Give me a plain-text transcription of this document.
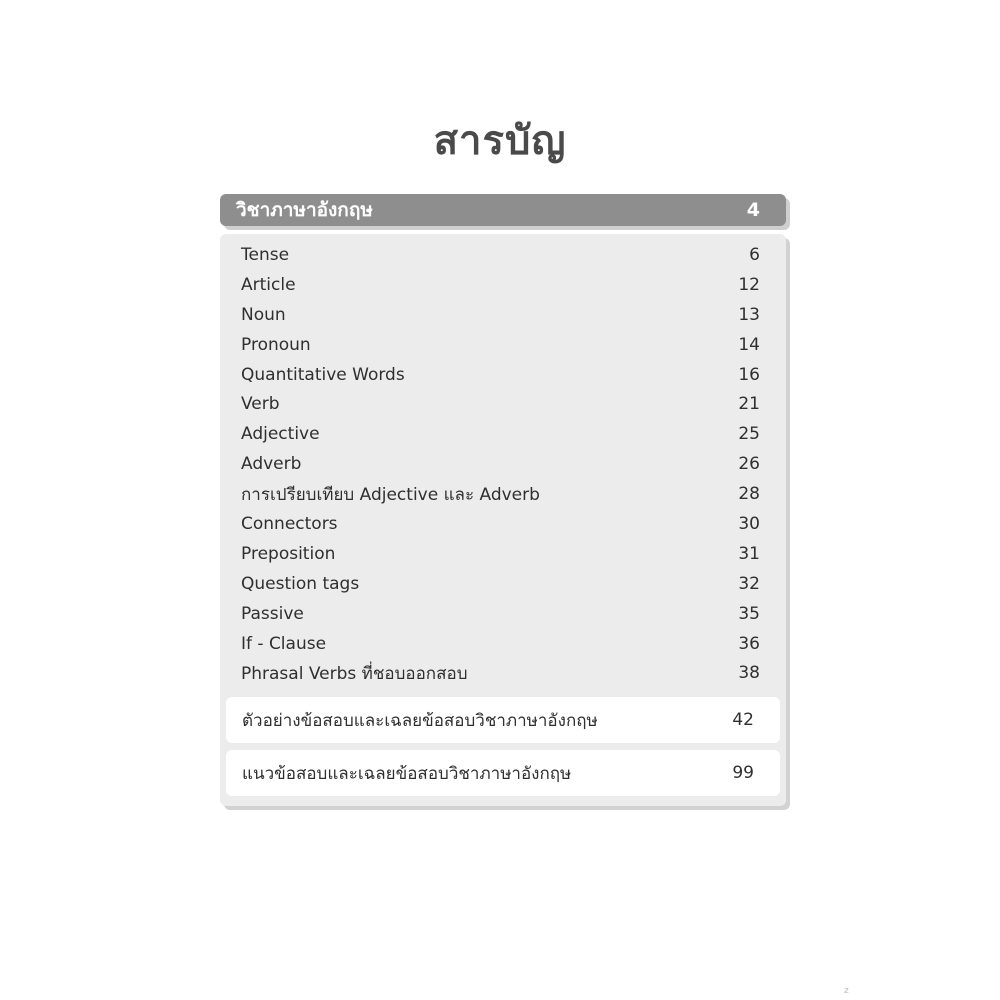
สารบัญ
วิชาภาษาอังกฤษ	4
Tense	6
Article	12
Noun	13
Pronoun	14
Quantitative Words	16
Verb	21
Adjective	25
Adverb	26
การเปรียบเทียบ Adjective และ Adverb	28
Connectors	30
Preposition	31
Question tags	32
Passive	35
If - Clause	36
Phrasal Verbs ที่ชอบออกสอบ	38
ตัวอย่างข้อสอบและเฉลยข้อสอบวิชาภาษาอังกฤษ	42
แนวข้อสอบและเฉลยข้อสอบวิชาภาษาอังกฤษ	99
z
